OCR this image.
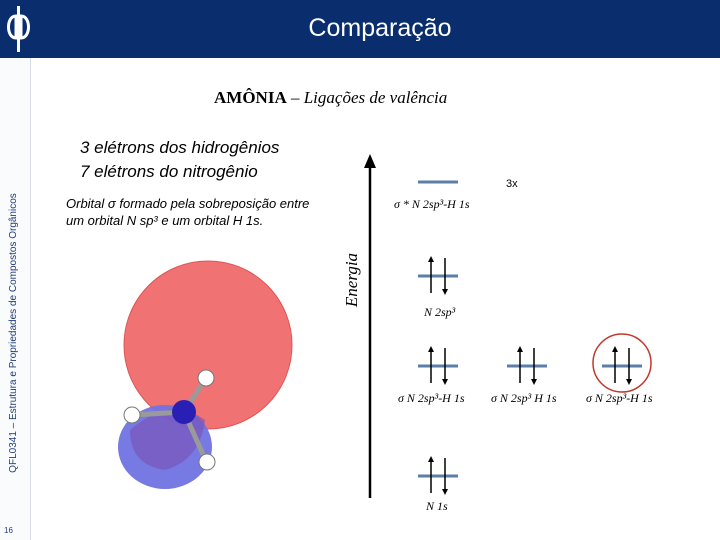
Comparação
QFL0341 – Estrutura e Propriedades de Compostos Orgânicos
16
AMÔNIA – Ligações de valência
3 elétrons dos hidrogênios
7 elétrons do nitrogênio
Orbital σ formado pela sobreposição entre um orbital N sp³ e um orbital H 1s.
Energia
3x
σ * N 2sp³-H 1s
N 2sp³
σ N 2sp³-H 1s σ N 2sp³ H 1s σ N 2sp³-H 1s
N 1s
